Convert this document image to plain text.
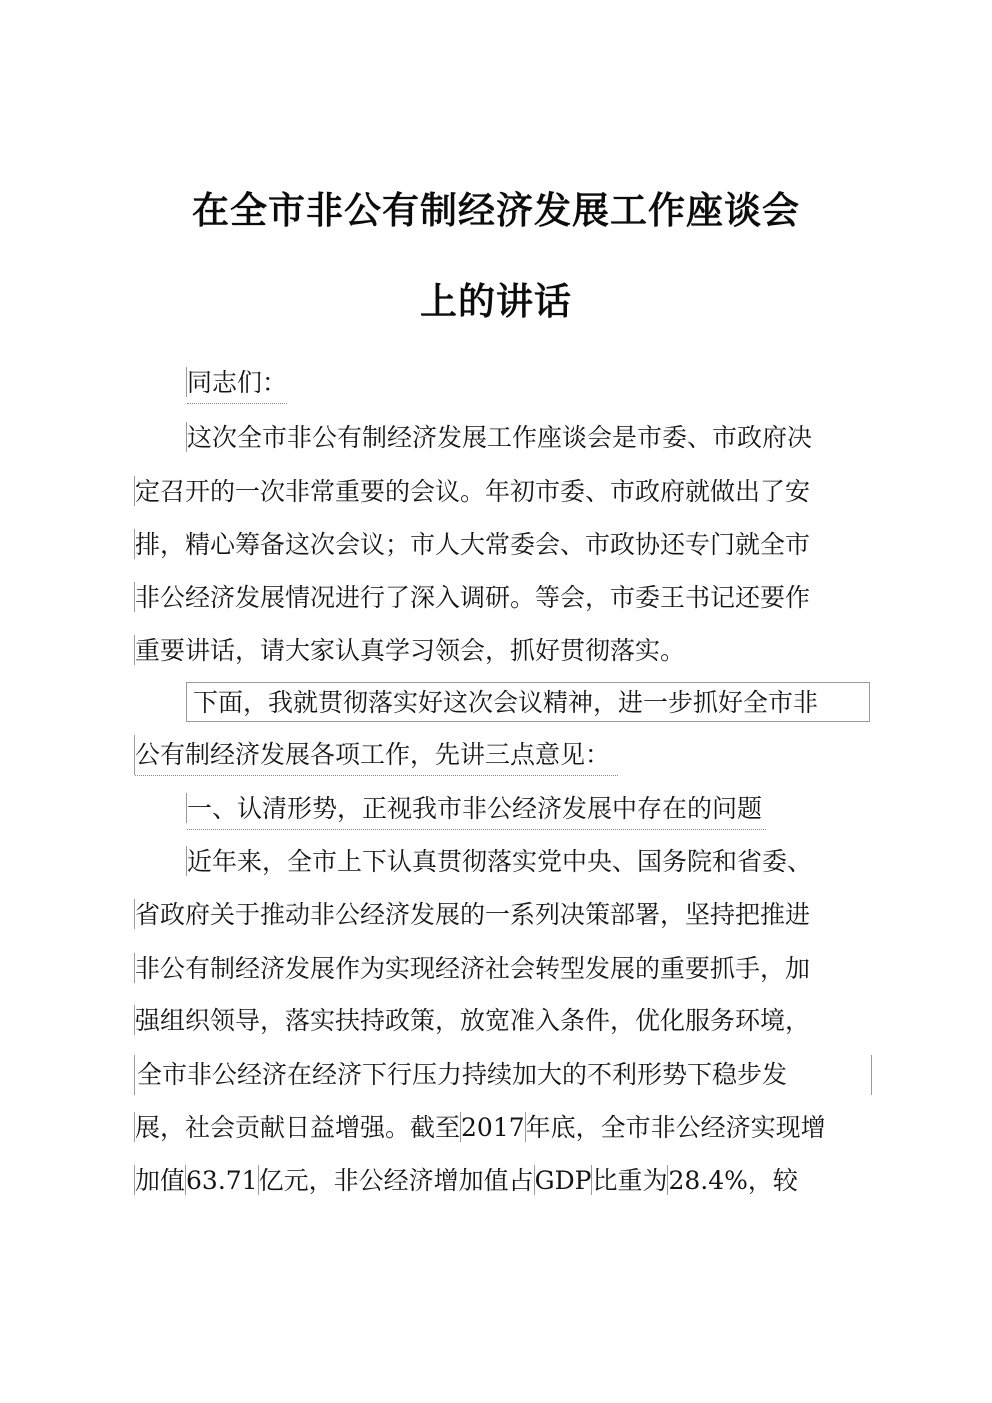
在全市非公有制经济发展工作座谈会
上的讲话
同志们：
这次全市非公有制经济发展工作座谈会是市委、市政府决
定召开的一次非常重要的会议。年初市委、市政府就做出了安
排，精心筹备这次会议；市人大常委会、市政协还专门就全市
非公经济发展情况进行了深入调研。等会，市委王书记还要作
重要讲话，请大家认真学习领会，抓好贯彻落实。
下面，我就贯彻落实好这次会议精神，进一步抓好全市非
公有制经济发展各项工作，先讲三点意见：
一、认清形势，正视我市非公经济发展中存在的问题
近年来，全市上下认真贯彻落实党中央、国务院和省委、
省政府关于推动非公经济发展的一系列决策部署，坚持把推进
非公有制经济发展作为实现经济社会转型发展的重要抓手，加
强组织领导，落实扶持政策，放宽准入条件，优化服务环境，
全市非公经济在经济下行压力持续加大的不利形势下稳步发
展，社会贡献日益增强。截至2017年底，全市非公经济实现增
加值63.71亿元，非公经济增加值占GDP比重为28.4%，较
